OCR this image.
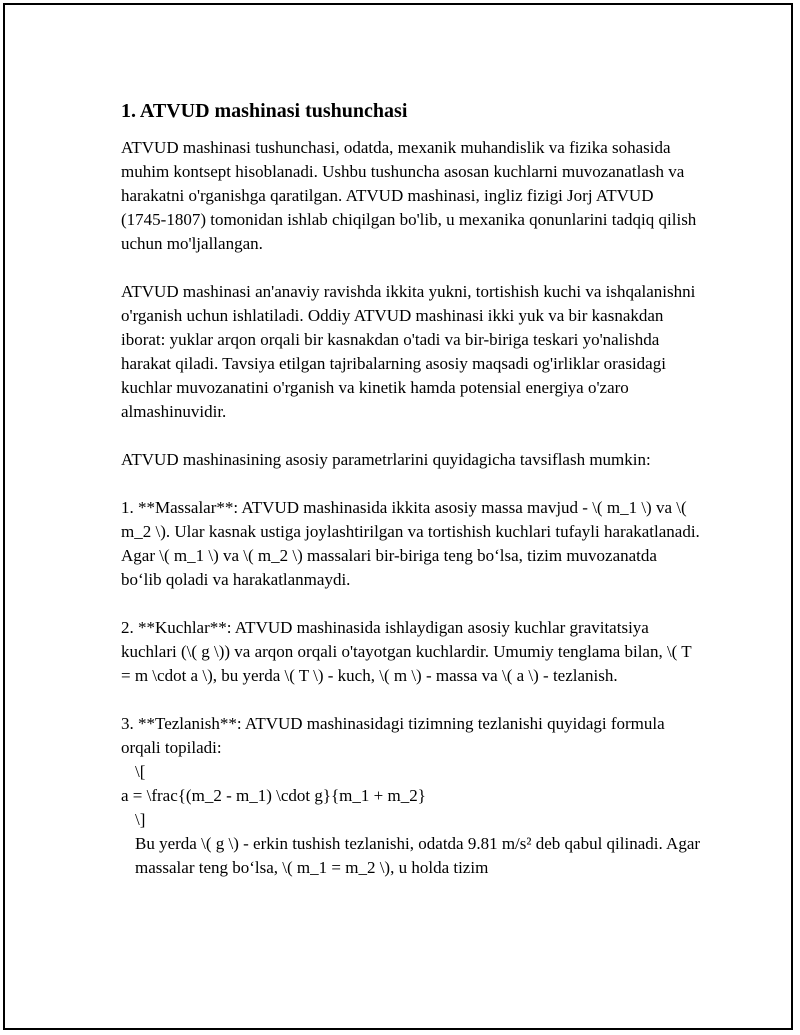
1. ATVUD mashinasi tushunchasi

ATVUD mashinasi tushunchasi, odatda, mexanik muhandislik va fizika sohasida muhim kontsept hisoblanadi. Ushbu tushuncha asosan kuchlarni muvozanatlash va harakatni o'rganishga qaratilgan. ATVUD mashinasi, ingliz fizigi Jorj ATVUD (1745-1807) tomonidan ishlab chiqilgan bo'lib, u mexanika qonunlarini tadqiq qilish uchun mo'ljallangan.

ATVUD mashinasi an'anaviy ravishda ikkita yukni, tortishish kuchi va ishqalanishni o'rganish uchun ishlatiladi. Oddiy ATVUD mashinasi ikki yuk va bir kasnakdan iborat: yuklar arqon orqali bir kasnakdan o'tadi va bir-biriga teskari yo'nalishda harakat qiladi. Tavsiya etilgan tajribalarning asosiy maqsadi og'irliklar orasidagi kuchlar muvozanatini o'rganish va kinetik hamda potensial energiya o'zaro almashinuvidir.

ATVUD mashinasining asosiy parametrlarini quyidagicha tavsiflash mumkin:

1. **Massalar**: ATVUD mashinasida ikkita asosiy massa mavjud - \( m_1 \) va \( m_2 \). Ular kasnak ustiga joylashtirilgan va tortishish kuchlari tufayli harakatlanadi. Agar \( m_1 \) va \( m_2 \) massalari bir-biriga teng bo‘lsa, tizim muvozanatda bo‘lib qoladi va harakatlanmaydi.

2. **Kuchlar**: ATVUD mashinasida ishlaydigan asosiy kuchlar gravitatsiya kuchlari (\( g \)) va arqon orqali o'tayotgan kuchlardir. Umumiy tenglama bilan, \( T = m \cdot a \), bu yerda \( T \) - kuch, \( m \) - massa va \( a \) - tezlanish.

3. **Tezlanish**: ATVUD mashinasidagi tizimning tezlanishi quyidagi formula orqali topiladi:

\[

a = \frac{(m_2 - m_1) \cdot g}{m_1 + m_2}

\]

Bu yerda \( g \) - erkin tushish tezlanishi, odatda 9.81 m/s² deb qabul qilinadi. Agar massalar teng bo‘lsa, \( m_1 = m_2 \), u holda tizim
